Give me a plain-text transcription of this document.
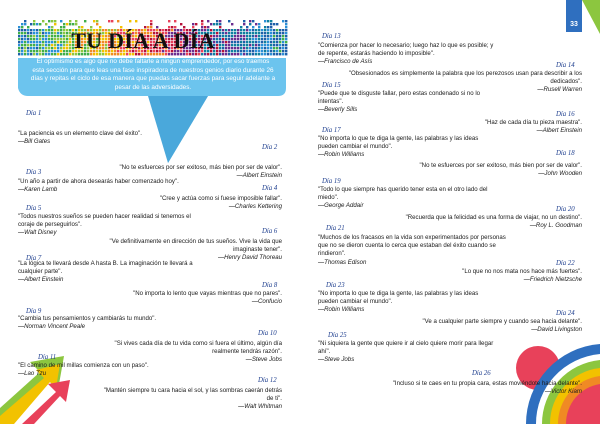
TU DÍA A DÍA
El optimismo es algo que no debe faltarle a ningún emprendedor, por eso traemos esta sección para que leas una fase inspiradora de nuestros genios diario durante 26 días y repitas el ciclo de esa manera que puedas sacar fuerzas para seguir adelante a pesar de las adversidades.
33
Día 1
"La paciencia es un elemento clave del éxito".
—Bill Gates
Día 2
"No te esfuerces por ser exitoso, más bien por ser de valor".
—Albert Einstein
Día 3
"Un año a partir de ahora desearás haber comenzado hoy".
—Karen Lamb	Día 4
"Cree y actúa como si fuese imposible fallar".
—Charles Kettering
Día 5
"Todos nuestros sueños se pueden hacer realidad si tenemos el coraje de perseguirlos".
—Walt Disney	Día 6
"Ve definitivamente en dirección de tus sueños. Vive la vida que imaginaste tener".
—Henry David Thoreau
Día 7
"La lógica te llevará desde A hasta B. La imaginación te llevará a cualquier parte".
—Albert Einstein
Día 8
"No importa lo lento que vayas mientras que no pares".
—Confucio
Día 9
"Cambia tus pensamientos y cambiarás tu mundo".
—Norman Vincent Peale
Día 10
"Si vives cada día de tu vida como si fuera el último, algún día realmente tendrás razón".
—Steve Jobs
Día 11
"El camino de mil millas comienza con un paso".
—Lao Tzu
Día 12
"Mantén siempre tu cara hacia el sol, y las sombras caerán detrás de ti".
—Walt Whitman
Día 13
"Comienza por hacer lo necesario; luego haz lo que es posible; y de repente, estarás haciendo lo imposible".
—Francisco de Asís
Día 14
"Obsesionados es simplemente la palabra que los perezosos usan para describir a los dedicados".
—Rusell Warren
Día 15
"Puede que te disguste fallar, pero estas condenado si no lo intentas".
—Beverly Sills
Día 16
"Haz de cada día tu pieza maestra".
—Albert Einstein
Día 17
"No importa lo que te diga la gente, las palabras y las ideas pueden cambiar el mundo".
—Robin Williams	Día 18
"No te esfuerces por ser exitoso, más bien por ser de valor".
—John Wooden
Día 19
"Todo lo que siempre has querido tener esta en el otro lado del miedo".
—George Addair
Día 20
"Recuerda que la felicidad es una forma de viajar, no un destino".
—Roy L. Goodman
Día 21
"Muchos de los fracasos en la vida son experimentados por personas que no se dieron cuenta lo cerca que estaban del éxito cuando se rindieron".
—Thomas Edison	Día 22
"Lo que no nos mata nos hace más fuertes".
—Friedrich Nietzsche
Día 23
"No importa lo que te diga la gente, las palabras y las ideas pueden cambiar el mundo".
—Robin Williams
Día 24
"Ve a cualquier parte siempre y cuando sea hacia delante".
—David Livingston
Día 25
"Ni siquiera la gente que quiere ir al cielo quiere morir para llegar ahí".
—Steve Jobs
Día 26
"Incluso si te caes en tu propia cara, estas moviéndote hacia delante".
—Victor Kiam
